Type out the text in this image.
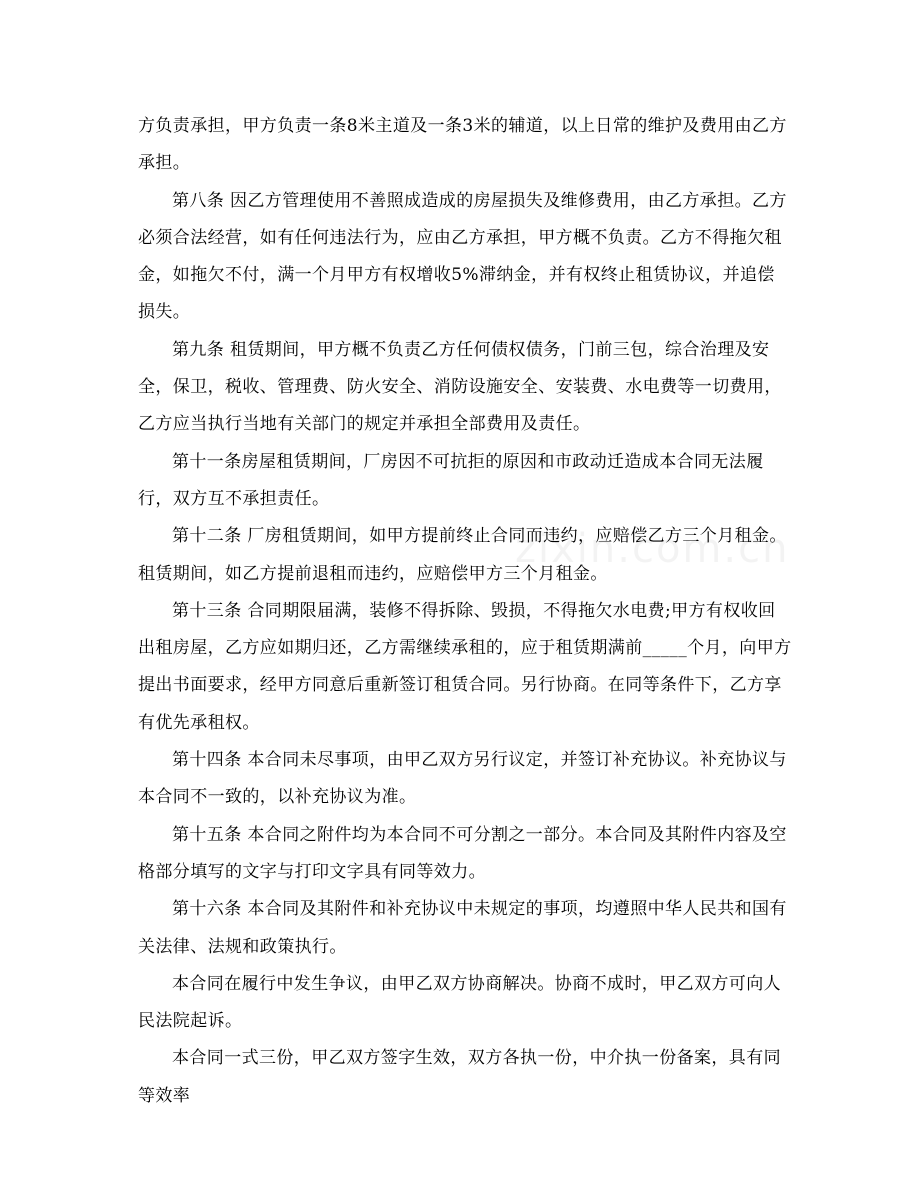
方负责承担，甲方负责一条8米主道及一条3米的辅道，以上日常的维护及费用由乙方承担。

第八条 因乙方管理使用不善照成造成的房屋损失及维修费用，由乙方承担。乙方必须合法经营，如有任何违法行为，应由乙方承担，甲方概不负责。乙方不得拖欠租金，如拖欠不付，满一个月甲方有权增收5%滞纳金，并有权终止租赁协议，并追偿损失。

第九条 租赁期间，甲方概不负责乙方任何债权债务，门前三包，综合治理及安全，保卫，税收、管理费、防火安全、消防设施安全、安装费、水电费等一切费用，乙方应当执行当地有关部门的规定并承担全部费用及责任。

第十一条房屋租赁期间，厂房因不可抗拒的原因和市政动迁造成本合同无法履行，双方互不承担责任。

第十二条 厂房租赁期间，如甲方提前终止合同而违约，应赔偿乙方三个月租金。租赁期间，如乙方提前退租而违约，应赔偿甲方三个月租金。

第十三条 合同期限届满，装修不得拆除、毁损，不得拖欠水电费;甲方有权收回出租房屋，乙方应如期归还，乙方需继续承租的，应于租赁期满前_____个月，向甲方提出书面要求，经甲方同意后重新签订租赁合同。另行协商。在同等条件下，乙方享有优先承租权。

第十四条 本合同未尽事项，由甲乙双方另行议定，并签订补充协议。补充协议与本合同不一致的，以补充协议为准。

第十五条 本合同之附件均为本合同不可分割之一部分。本合同及其附件内容及空格部分填写的文字与打印文字具有同等效力。

第十六条 本合同及其附件和补充协议中未规定的事项，均遵照中华人民共和国有关法律、法规和政策执行。

本合同在履行中发生争议，由甲乙双方协商解决。协商不成时，甲乙双方可向人民法院起诉。

本合同一式三份，甲乙双方签字生效，双方各执一份，中介执一份备案，具有同等效率
